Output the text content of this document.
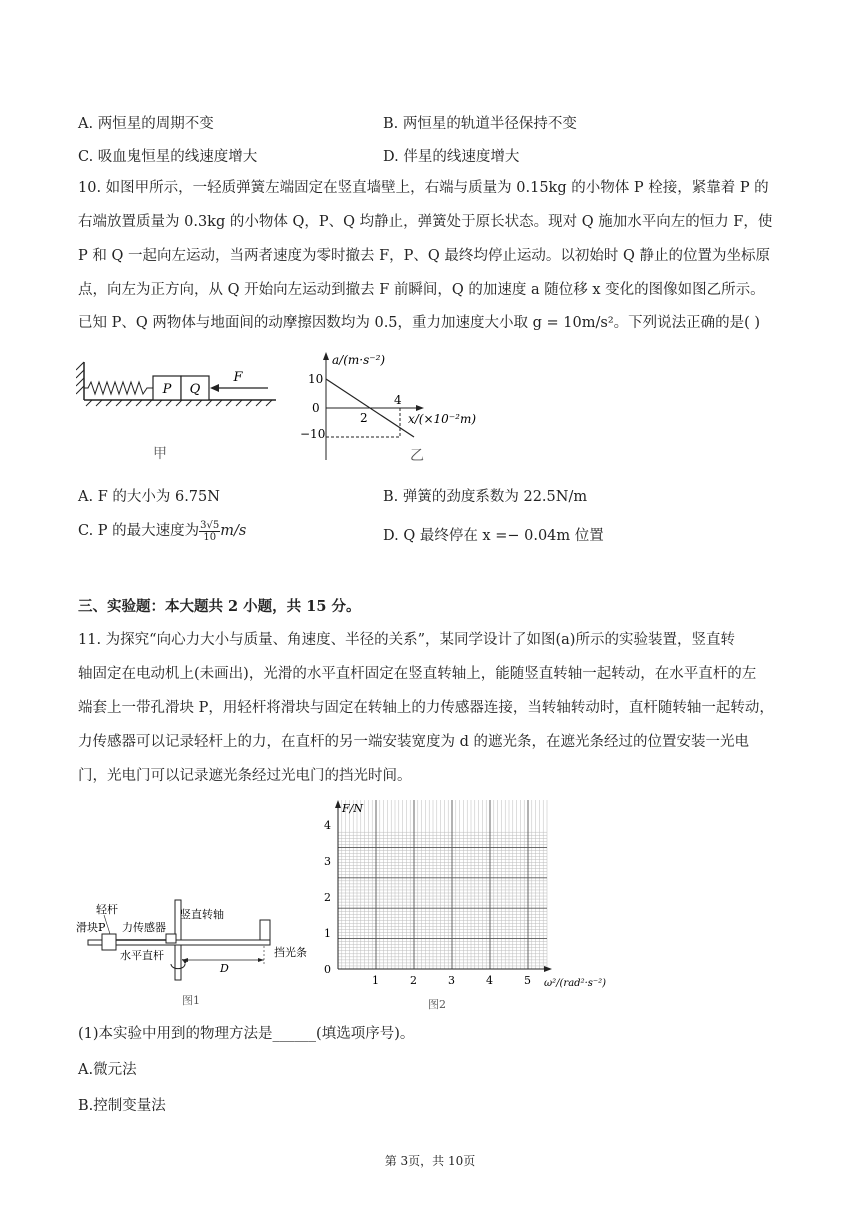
A. 两恒星的周期不变	B. 两恒星的轨道半径保持不变
C. 吸血鬼恒星的线速度增大	D. 伴星的线速度增大
10. 如图甲所示，一轻质弹簧左端固定在竖直墙壁上，右端与质量为 0.15kg 的小物体 P 栓接，紧靠着 P 的
右端放置质量为 0.3kg 的小物体 Q，P、Q 均静止，弹簧处于原长状态。现对 Q 施加水平向左的恒力 F，使
P 和 Q 一起向左运动，当两者速度为零时撤去 F，P、Q 最终均停止运动。以初始时 Q 静止的位置为坐标原
点，向左为正方向，从 Q 开始向左运动到撤去 F 前瞬间，Q 的加速度 a 随位移 x 变化的图像如图乙所示。
已知 P、Q 两物体与地面间的动摩擦因数均为 0.5，重力加速度大小取 g = 10m/s²。下列说法正确的是( )
P Q
F
甲
a/(m·s⁻²)
10
0
−10
2
4
x/(×10⁻²m)
乙
A. F 的大小为 6.75N	B. 弹簧的劲度系数为 22.5N/m
C. P 的最大速度为 $\frac{3√5}{10} m/s$	D. Q 最终停在 x =− 0.04m 位置
三、实验题：本大题共 2 小题，共 15 分。
11. 为探究“向心力大小与质量、角速度、半径的关系”，某同学设计了如图(a)所示的实验装置，竖直转
轴固定在电动机上(未画出)，光滑的水平直杆固定在竖直转轴上，能随竖直转轴一起转动，在水平直杆的左
端套上一带孔滑块 P，用轻杆将滑块与固定在转轴上的力传感器连接，当转轴转动时，直杆随转轴一起转动，
力传感器可以记录轻杆上的力，在直杆的另一端安装宽度为 d 的遮光条，在遮光条经过的位置安装一光电
门，光电门可以记录遮光条经过光电门的挡光时间。
D
轻杆
滑块P 力传感器
竖直转轴
水平直杆	挡光条
图1
F/N
0
1
2
3
4
1	2	3	4	5 ω²/(rad²·s⁻²)
图2
(1)本实验中用到的物理方法是______(填选项序号)。
A.微元法
B.控制变量法
第 3页，共 10页
